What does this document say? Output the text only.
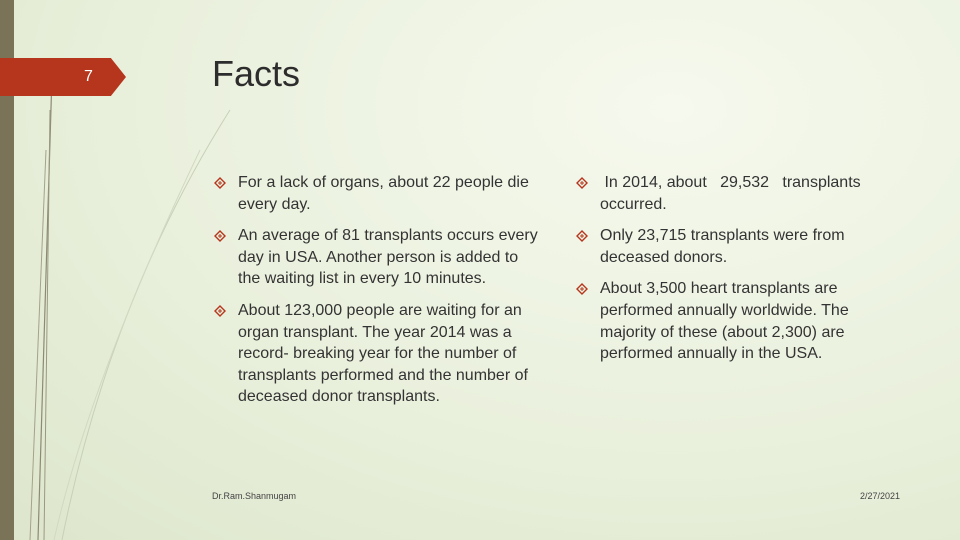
7	Facts
For a lack of organs, about 22 people die every day.
An average of 81 transplants occurs every day in USA. Another person is added to the waiting list in every 10 minutes.
About 123,000 people are waiting for an organ transplant. The year 2014 was a record- breaking year for the number of transplants performed and the number of deceased donor transplants.
In 2014, about   29,532   transplants occurred.
Only 23,715 transplants were from deceased donors.
About 3,500 heart transplants are performed annually worldwide. The majority of these (about 2,300) are performed annually in the USA.
Dr.Ram.Shanmugam	2/27/2021
